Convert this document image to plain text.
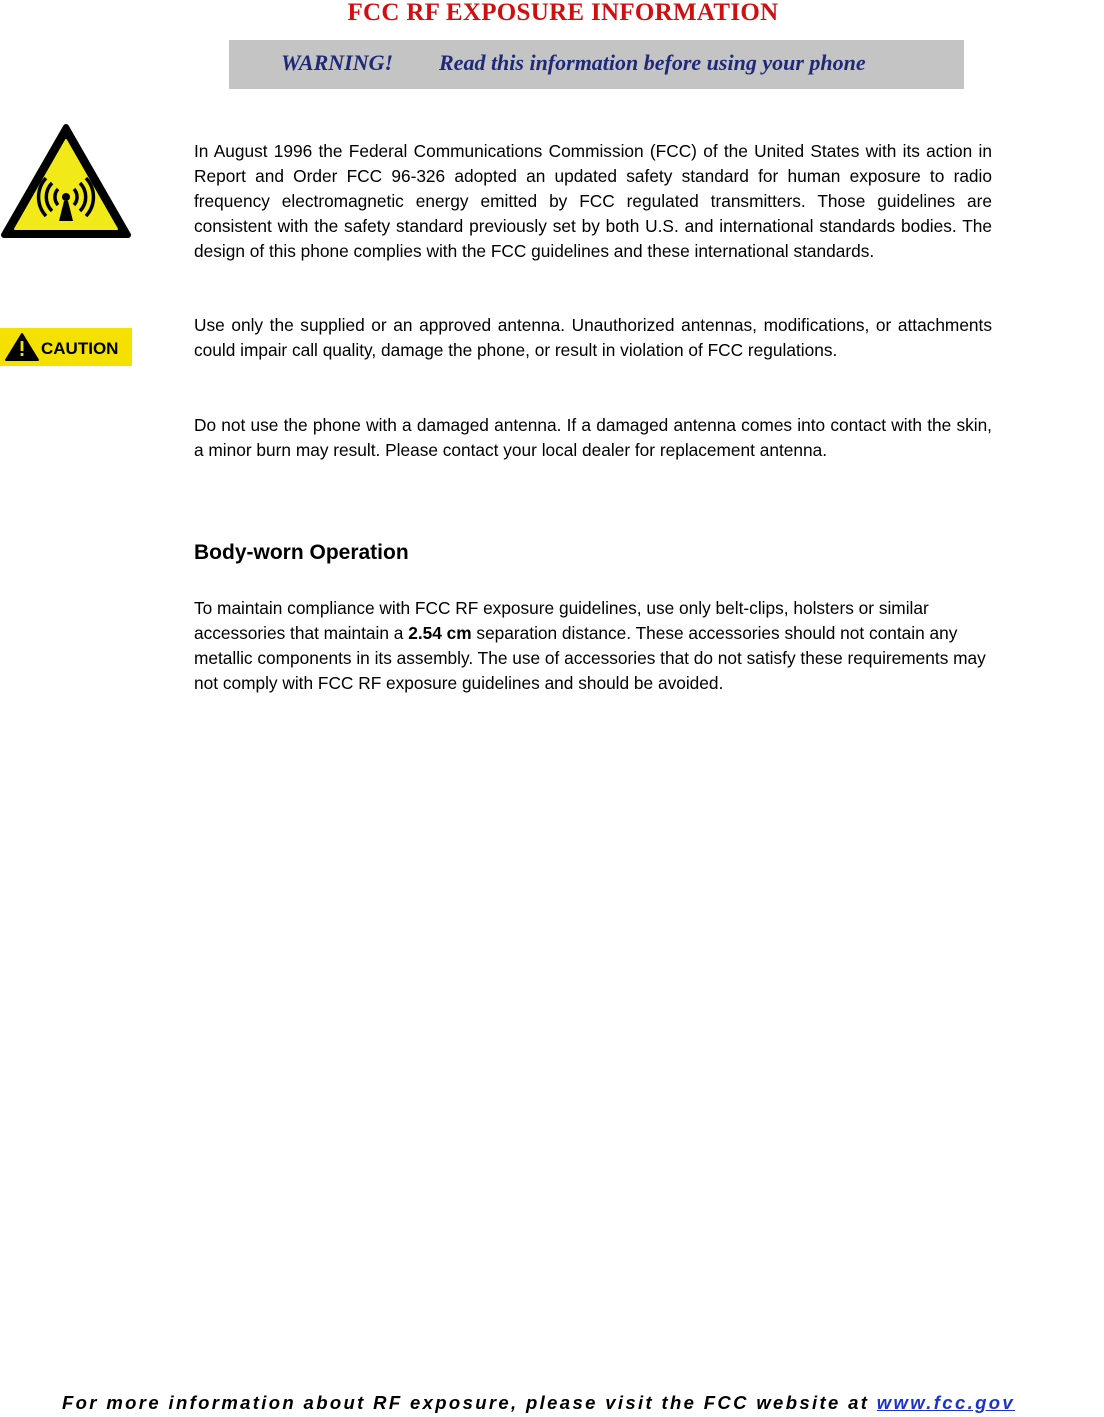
FCC RF EXPOSURE INFORMATION
WARNING! Read this information before using your phone
CAUTION

In August 1996 the Federal Communications Commission (FCC) of the United States with its action in Report and Order FCC 96-326 adopted an updated safety standard for human exposure to radio frequency electromagnetic energy emitted by FCC regulated transmitters. Those guidelines are consistent with the safety standard previously set by both U.S. and international standards bodies. The design of this phone complies with the FCC guidelines and these international standards.

Use only the supplied or an approved antenna. Unauthorized antennas, modifications, or attachments could impair call quality, damage the phone, or result in violation of FCC regulations.

Do not use the phone with a damaged antenna. If a damaged antenna comes into contact with the skin, a minor burn may result. Please contact your local dealer for replacement antenna.

Body-worn Operation

To maintain compliance with FCC RF exposure guidelines, use only belt-clips, holsters or similar accessories that maintain a 2.54 cm separation distance. These accessories should not contain any metallic components in its assembly. The use of accessories that do not satisfy these requirements may not comply with FCC RF exposure guidelines and should be avoided.

For more information about RF exposure, please visit the FCC website at www.fcc.gov
